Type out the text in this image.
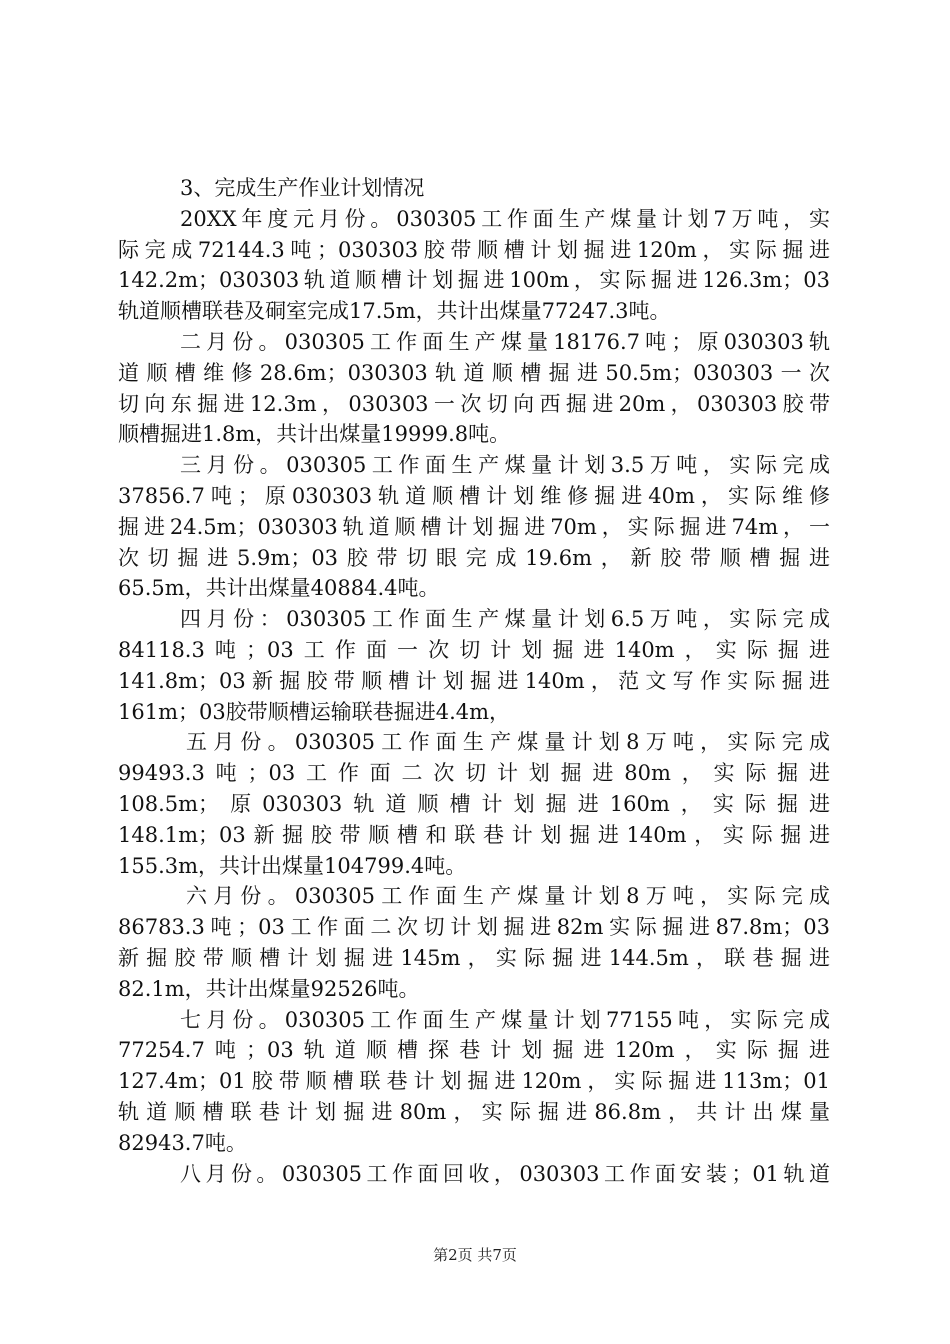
3、完成生产作业计划情况
20XX年度元月份。030305工作面生产煤量计划7万吨，实
际完成72144.3吨；030303胶带顺槽计划掘进120m，实际掘进
142.2m；030303轨道顺槽计划掘进100m，实际掘进126.3m；03
轨道顺槽联巷及硐室完成17.5m，共计出煤量77247.3吨。
二月份。030305工作面生产煤量18176.7吨；原030303轨
道顺槽维修28.6m；030303轨道顺槽掘进50.5m；030303一次
切向东掘进12.3m，030303一次切向西掘进20m，030303胶带
顺槽掘进1.8m，共计出煤量19999.8吨。
三月份。030305工作面生产煤量计划3.5万吨，实际完成
37856.7吨；原030303轨道顺槽计划维修掘进40m，实际维修
掘进24.5m；030303轨道顺槽计划掘进70m，实际掘进74m，一
次切掘进5.9m；03胶带切眼完成19.6m，新胶带顺槽掘进
65.5m，共计出煤量40884.4吨。
四月份：030305工作面生产煤量计划6.5万吨，实际完成
84118.3吨；03工作面一次切计划掘进140m，实际掘进
141.8m；03新掘胶带顺槽计划掘进140m，范文写作实际掘进
161m；03胶带顺槽运输联巷掘进4.4m，
五月份。030305工作面生产煤量计划8万吨，实际完成
99493.3吨；03工作面二次切计划掘进80m，实际掘进
108.5m；原030303轨道顺槽计划掘进160m，实际掘进
148.1m；03新掘胶带顺槽和联巷计划掘进140m，实际掘进
155.3m，共计出煤量104799.4吨。
六月份。030305工作面生产煤量计划8万吨，实际完成
86783.3吨；03工作面二次切计划掘进82m实际掘进87.8m；03
新掘胶带顺槽计划掘进145m，实际掘进144.5m，联巷掘进
82.1m，共计出煤量92526吨。
七月份。030305工作面生产煤量计划77155吨，实际完成
77254.7吨；03轨道顺槽探巷计划掘进120m，实际掘进
127.4m；01胶带顺槽联巷计划掘进120m，实际掘进113m；01
轨道顺槽联巷计划掘进80m，实际掘进86.8m，共计出煤量
82943.7吨。
八月份。030305工作面回收，030303工作面安装；01轨道
第2页 共7页
